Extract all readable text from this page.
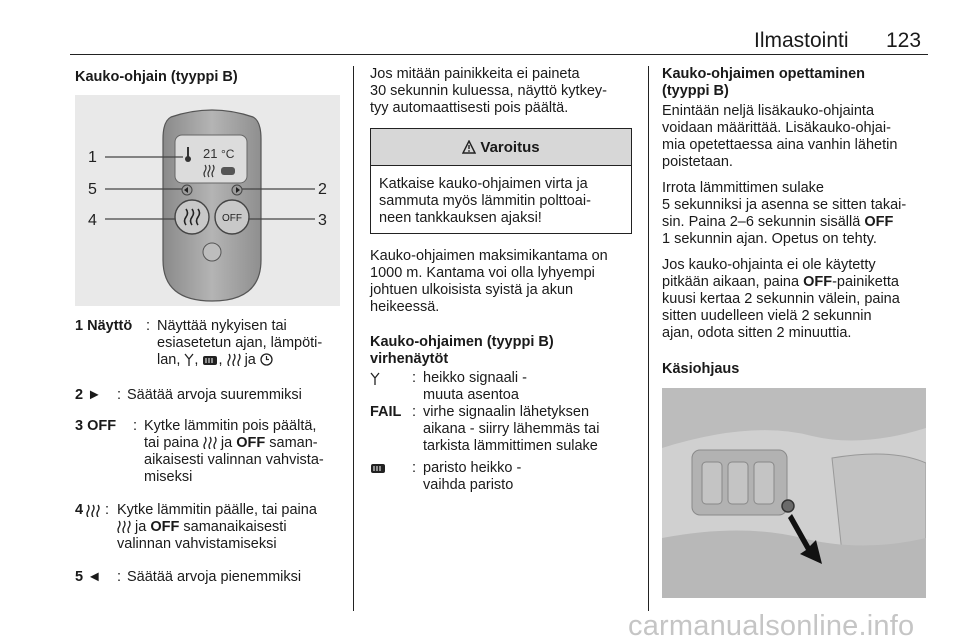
Ilmastointi 123
Kauko-ohjain (tyyppi B)
21 °C
OFF
1
5
4
2
3
1 Näyttö : Näyttää nykyisen tai
esiasetetun ajan, lämpöti-
lan, , , ja
2 ► : Säätää arvoja suuremmiksi
3 OFF : Kytke lämmitin pois päältä,
tai paina ja OFF saman-
aikaisesti valinnan vahvista-
miseksi
4 : Kytke lämmitin päälle, tai paina
ja OFF samanaikaisesti
valinnan vahvistamiseksi
5 ◄ : Säätää arvoja pienemmiksi

Jos mitään painikkeita ei paineta

30 sekunnin kuluessa, näyttö kytkey-

tyy automaattisesti pois päältä.

Varoitus

Katkaise kauko-ohjaimen virta ja

sammuta myös lämmitin polttoai-

neen tankkauksen ajaksi!

Kauko-ohjaimen maksimikantama on

1000 m. Kantama voi olla lyhyempi

johtuen ulkoisista syistä ja akun

heikeessä.

Kauko-ohjaimen (tyyppi B)

virhenäytöt

: heikko signaali -
muuta asentoa
FAIL : virhe signaalin lähetyksen
aikana - siirry lähemmäs tai
tarkista lämmittimen sulake
: paristo heikko -
vaihda paristo

Kauko-ohjaimen opettaminen

(tyyppi B)

Enintään neljä lisäkauko-ohjainta

voidaan määrittää. Lisäkauko-ohjai-

mia opetettaessa aina vanhin lähetin

poistetaan.

Irrota lämmittimen sulake

5 sekunniksi ja asenna se sitten takai-

sin. Paina 2–6 sekunnin sisällä OFF

1 sekunnin ajan. Opetus on tehty.

Jos kauko-ohjainta ei ole käytetty

pitkään aikaan, paina OFF-painiketta

kuusi kertaa 2 sekunnin välein, paina

sitten uudelleen vielä 2 sekunnin

ajan, odota sitten 2 minuuttia.

Käsiohjaus
carmanualsonline.info
